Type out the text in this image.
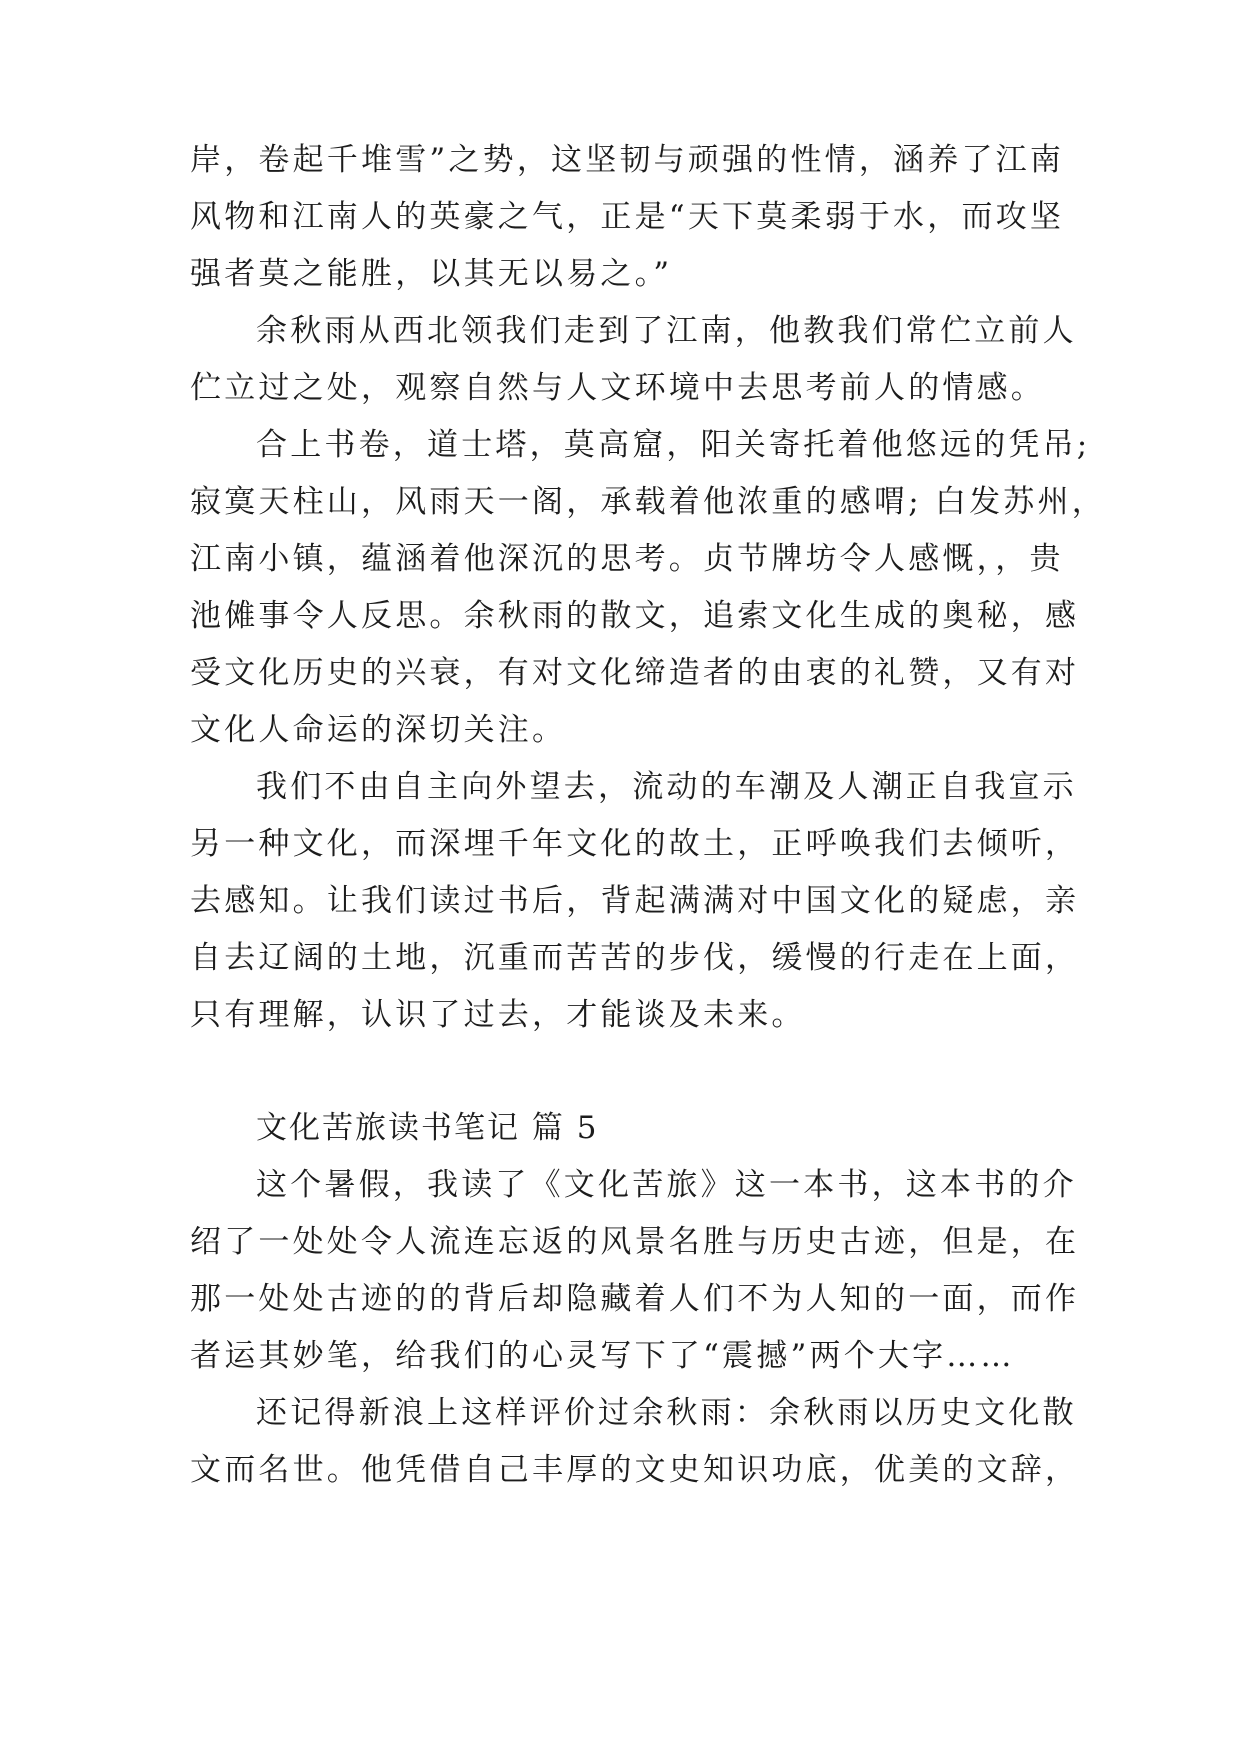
岸，卷起千堆雪”之势，这坚韧与顽强的性情，涵养了江南
风物和江南人的英豪之气，正是“天下莫柔弱于水，而攻坚
强者莫之能胜，以其无以易之。”
余秋雨从西北领我们走到了江南，他教我们常伫立前人
伫立过之处，观察自然与人文环境中去思考前人的情感。
合上书卷，道士塔，莫高窟，阳关寄托着他悠远的凭吊;
寂寞天柱山，风雨天一阁，承载着他浓重的感喟; 白发苏州，
江南小镇，蕴涵着他深沉的思考。贞节牌坊令人感慨，，贵
池傩事令人反思。余秋雨的散文，追索文化生成的奥秘，感
受文化历史的兴衰，有对文化缔造者的由衷的礼赞，又有对
文化人命运的深切关注。
我们不由自主向外望去，流动的车潮及人潮正自我宣示
另一种文化，而深埋千年文化的故土，正呼唤我们去倾听，
去感知。让我们读过书后，背起满满对中国文化的疑虑，亲
自去辽阔的土地，沉重而苦苦的步伐，缓慢的行走在上面，
只有理解，认识了过去，才能谈及未来。
文化苦旅读书笔记 篇 5
这个暑假，我读了《文化苦旅》这一本书，这本书的介
绍了一处处令人流连忘返的风景名胜与历史古迹，但是，在
那一处处古迹的的背后却隐藏着人们不为人知的一面，而作
者运其妙笔，给我们的心灵写下了“震撼”两个大字……
还记得新浪上这样评价过余秋雨：余秋雨以历史文化散
文而名世。他凭借自己丰厚的文史知识功底，优美的文辞，
